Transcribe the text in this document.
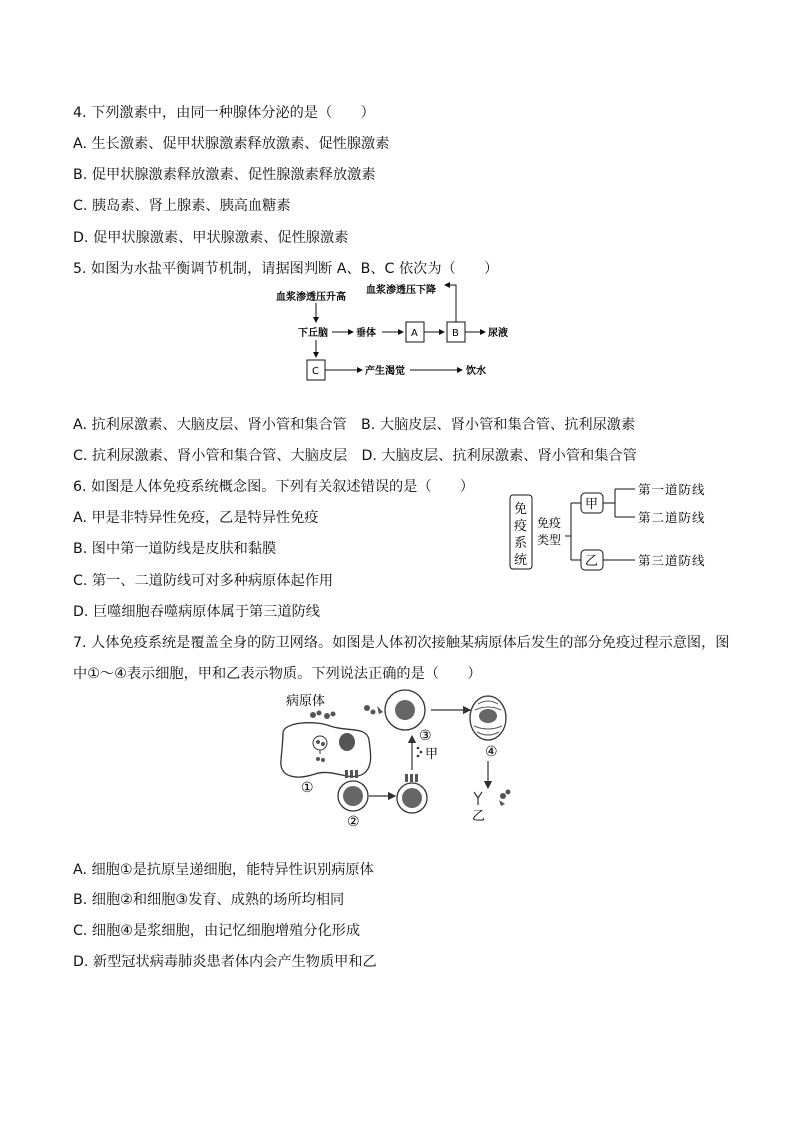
4. 下列激素中，由同一种腺体分泌的是（　　）
A. 生长激素、促甲状腺激素释放激素、促性腺激素
B. 促甲状腺激素释放激素、促性腺激素释放激素
C. 胰岛素、肾上腺素、胰高血糖素
D. 促甲状腺激素、甲状腺激素、促性腺激素
5. 如图为水盐平衡调节机制，请据图判断 A、B、C 依次为（　　）
血浆渗透压升高
血浆渗透压下降
下丘脑	垂体	A	B	尿液
C	产生渴觉	饮水
A. 抗利尿激素、大脑皮层、肾小管和集合管　B. 大脑皮层、肾小管和集合管、抗利尿激素
C. 抗利尿激素、肾小管和集合管、大脑皮层　D. 大脑皮层、抗利尿激素、肾小管和集合管
6. 如图是人体免疫系统概念图。下列有关叙述错误的是（　　）
A. 甲是非特异性免疫，乙是特异性免疫
B. 图中第一道防线是皮肤和黏膜
C. 第一、二道防线可对多种病原体起作用
D. 巨噬细胞吞噬病原体属于第三道防线
免
疫
系
统
免疫
类型
甲
乙
第一道防线
第二道防线
第三道防线
7. 人体免疫系统是覆盖全身的防卫网络。如图是人体初次接触某病原体后发生的部分免疫过程示意图，图
中①～④表示细胞，甲和乙表示物质。下列说法正确的是（　　）
病原体
①
②
甲
③
④
乙
A. 细胞①是抗原呈递细胞，能特异性识别病原体
B. 细胞②和细胞③发育、成熟的场所均相同
C. 细胞④是浆细胞，由记忆细胞增殖分化形成
D. 新型冠状病毒肺炎患者体内会产生物质甲和乙
